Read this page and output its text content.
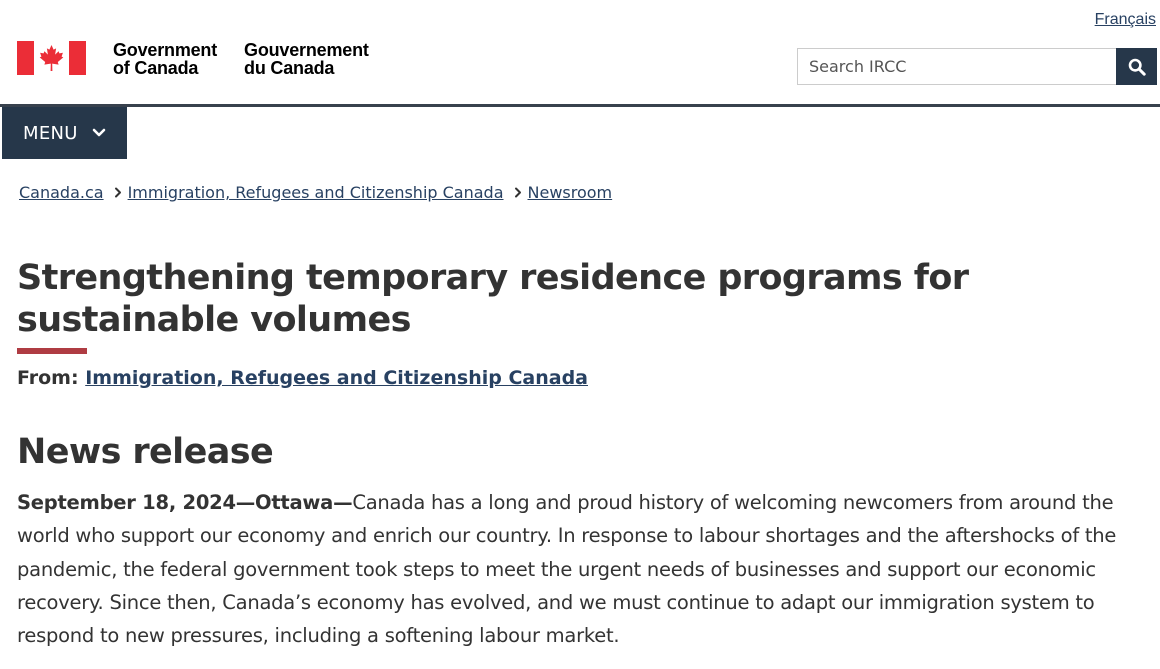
Français
Government
of Canada
Gouvernement
du Canada
Search IRCC
MENU
Canada.ca Immigration, Refugees and Citizenship Canada Newsroom
Strengthening temporary residence programs for sustainable volumes

From: Immigration, Refugees and Citizenship Canada

News release

September 18, 2024—Ottawa—Canada has a long and proud history of welcoming newcomers from around the world who support our economy and enrich our country. In response to labour shortages and the aftershocks of the pandemic, the federal government took steps to meet the urgent needs of businesses and support our economic recovery. Since then, Canada’s economy has evolved, and we must continue to adapt our immigration system to respond to new pressures, including a softening labour market.
